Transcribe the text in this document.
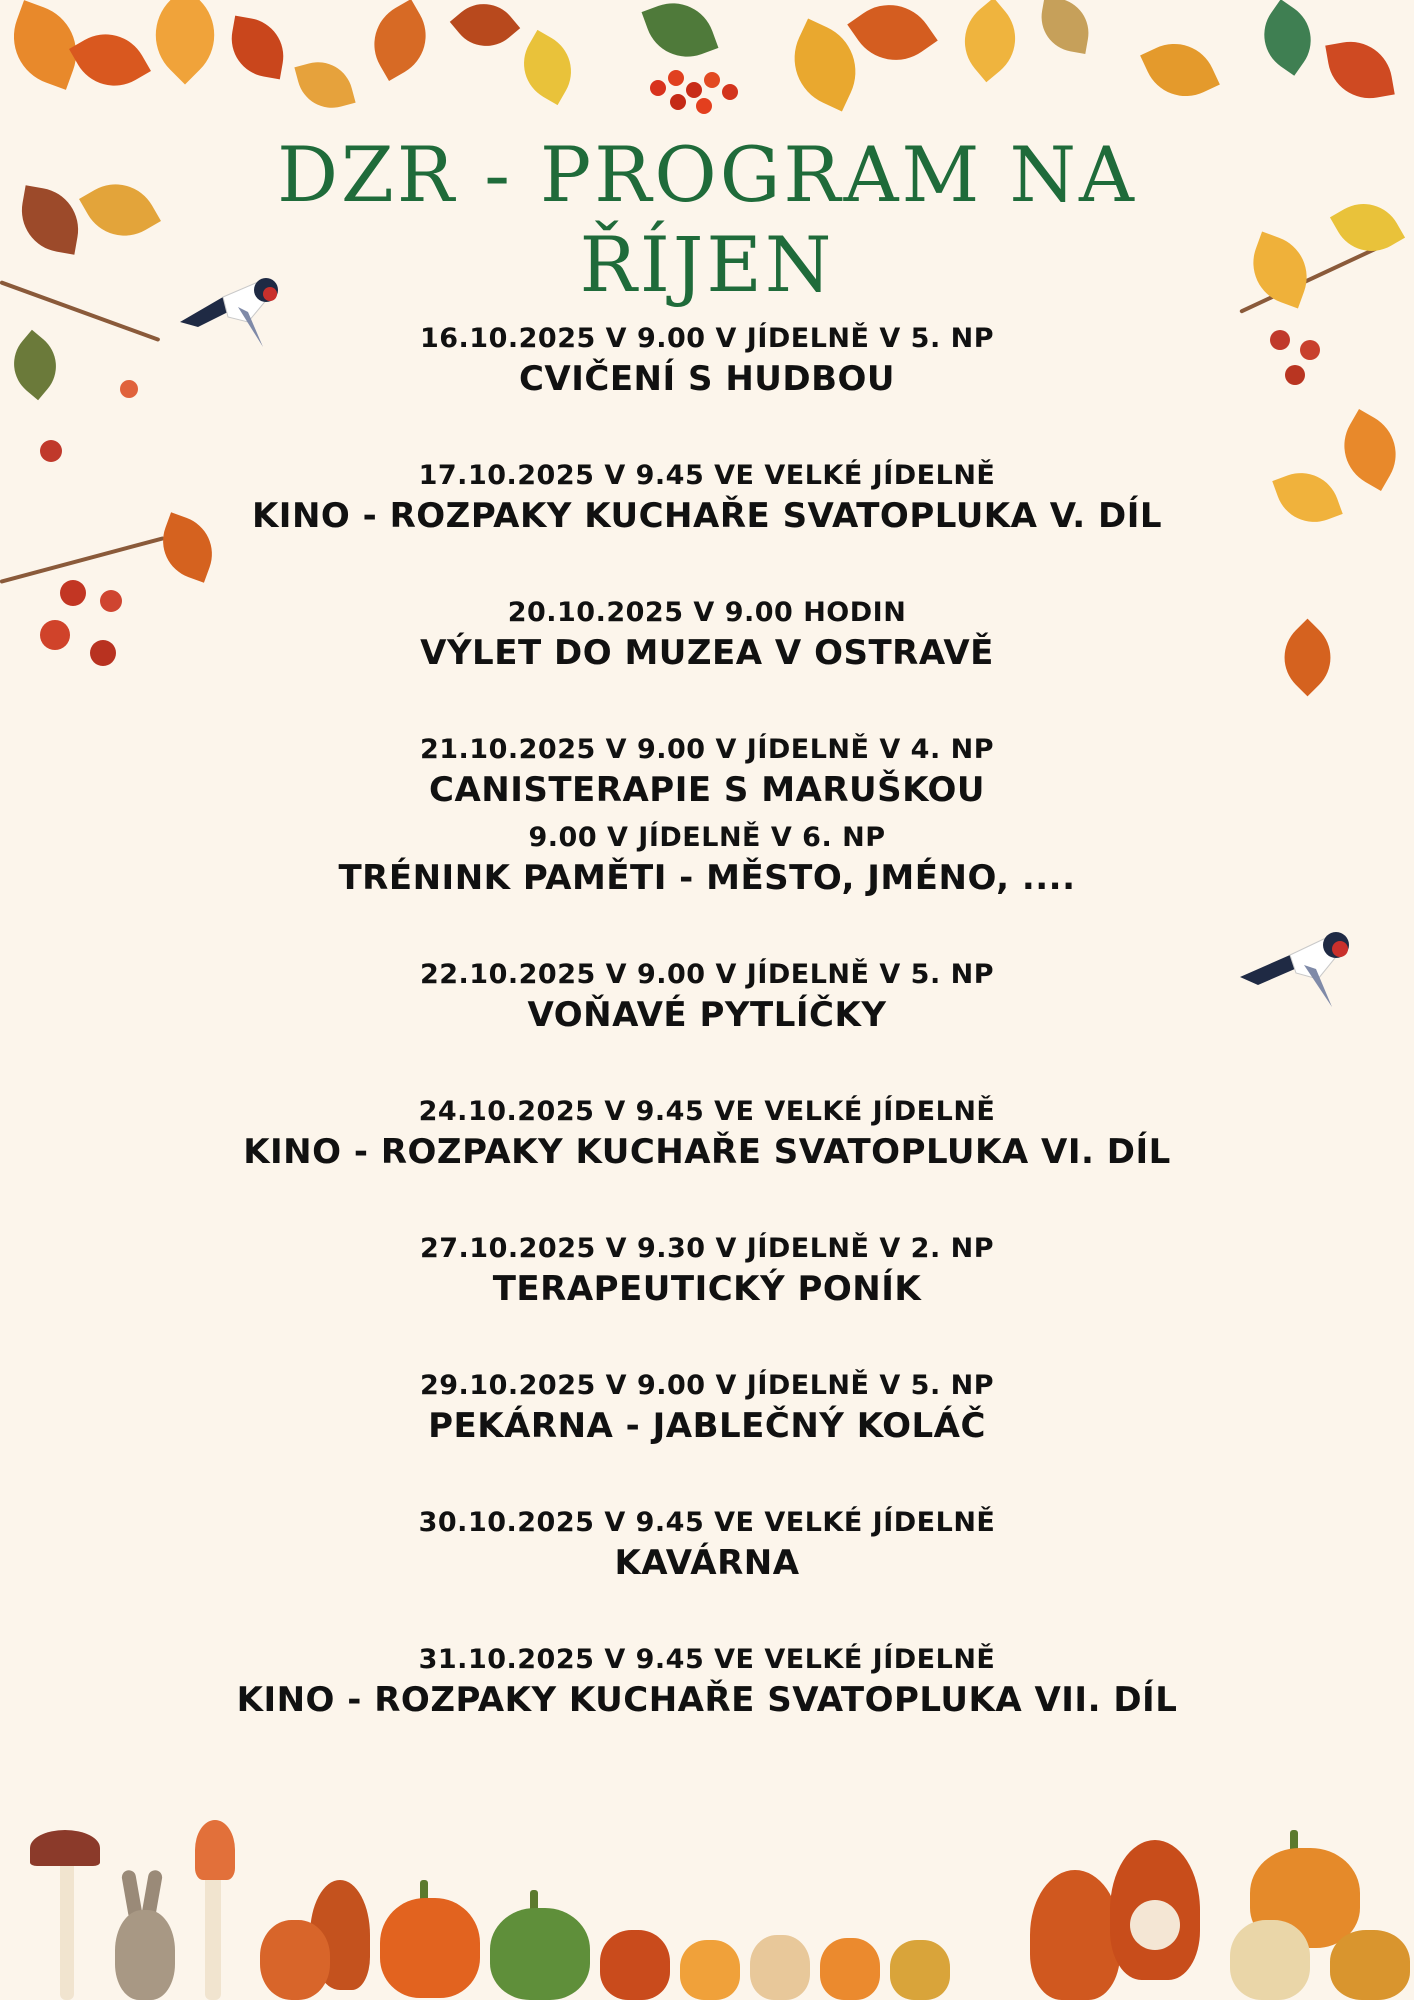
DZR - PROGRAM NA
ŘÍJEN
16.10.2025 V 9.00 V JÍDELNĚ V 5. NP
CVIČENÍ S HUDBOU
17.10.2025 V 9.45 VE VELKÉ JÍDELNĚ
KINO - ROZPAKY KUCHAŘE SVATOPLUKA V. DÍL
20.10.2025 V 9.00 HODIN
VÝLET DO MUZEA V OSTRAVĚ
21.10.2025 V 9.00 V JÍDELNĚ V 4. NP
CANISTERAPIE S MARUŠKOU
9.00 V JÍDELNĚ V 6. NP
TRÉNINK PAMĚTI - MĚSTO, JMÉNO, ....
22.10.2025 V 9.00 V JÍDELNĚ V 5. NP
VOŇAVÉ PYTLÍČKY
24.10.2025 V 9.45 VE VELKÉ JÍDELNĚ
KINO - ROZPAKY KUCHAŘE SVATOPLUKA VI. DÍL
27.10.2025 V 9.30 V JÍDELNĚ V 2. NP
TERAPEUTICKÝ PONÍK
29.10.2025 V 9.00 V JÍDELNĚ V 5. NP
PEKÁRNA - JABLEČNÝ KOLÁČ
30.10.2025 V 9.45 VE VELKÉ JÍDELNĚ
KAVÁRNA
31.10.2025 V 9.45 VE VELKÉ JÍDELNĚ
KINO - ROZPAKY KUCHAŘE SVATOPLUKA VII. DÍL
